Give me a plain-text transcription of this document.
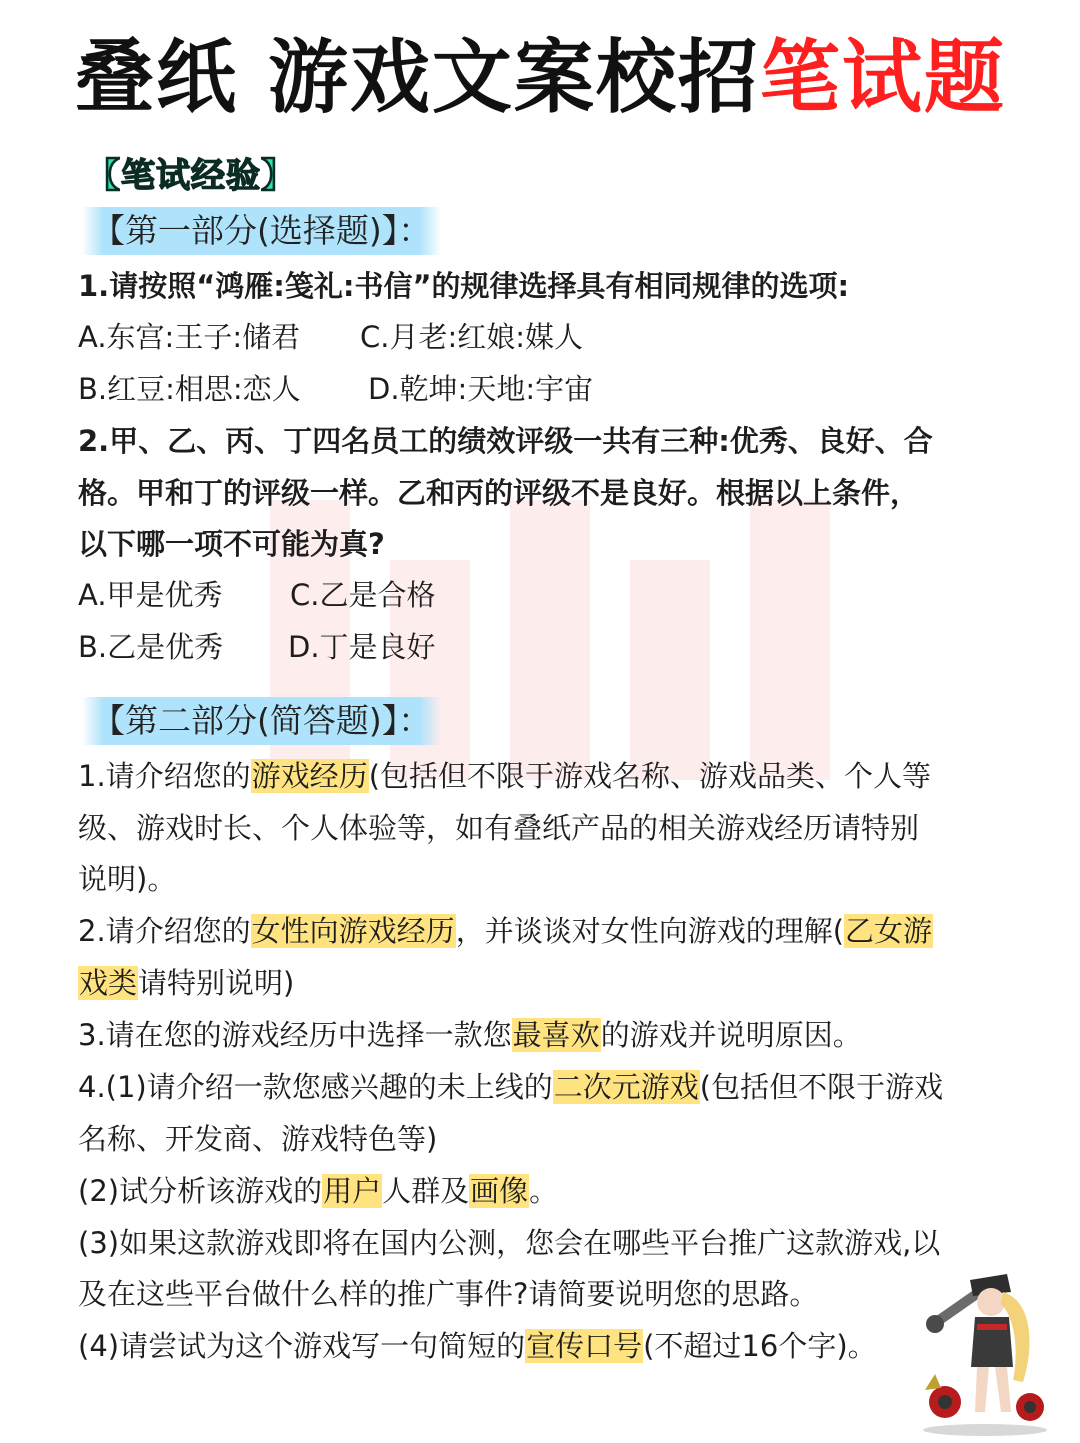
叠纸 游戏文案校招笔试题
【笔试经验】
【第一部分(选择题)】：
1.请按照“鸿雁:笺礼:书信”的规律选择具有相同规律的选项:
A.东宫:王子:储君 C.月老:红娘:媒人
B.红豆:相思:恋人 D.乾坤:天地:宇宙
2.甲、乙、丙、丁四名员工的绩效评级一共有三种:优秀、良好、合
格。甲和丁的评级一样。乙和丙的评级不是良好。根据以上条件，
以下哪一项不可能为真?
A.甲是优秀 C.乙是合格
B.乙是优秀 D.丁是良好
【第二部分(简答题)】：
1.请介绍您的游戏经历(包括但不限于游戏名称、游戏品类、个人等
级、游戏时长、个人体验等，如有叠纸产品的相关游戏经历请特别
说明)。
2.请介绍您的女性向游戏经历，并谈谈对女性向游戏的理解(乙女游
戏类请特别说明)
3.请在您的游戏经历中选择一款您最喜欢的游戏并说明原因。
4.(1)请介绍一款您感兴趣的未上线的二次元游戏(包括但不限于游戏
名称、开发商、游戏特色等)
(2)试分析该游戏的用户人群及画像。
(3)如果这款游戏即将在国内公测，您会在哪些平台推广这款游戏,以
及在这些平台做什么样的推广事件?请简要说明您的思路。
(4)请尝试为这个游戏写一句简短的宣传口号(不超过16个字)。
